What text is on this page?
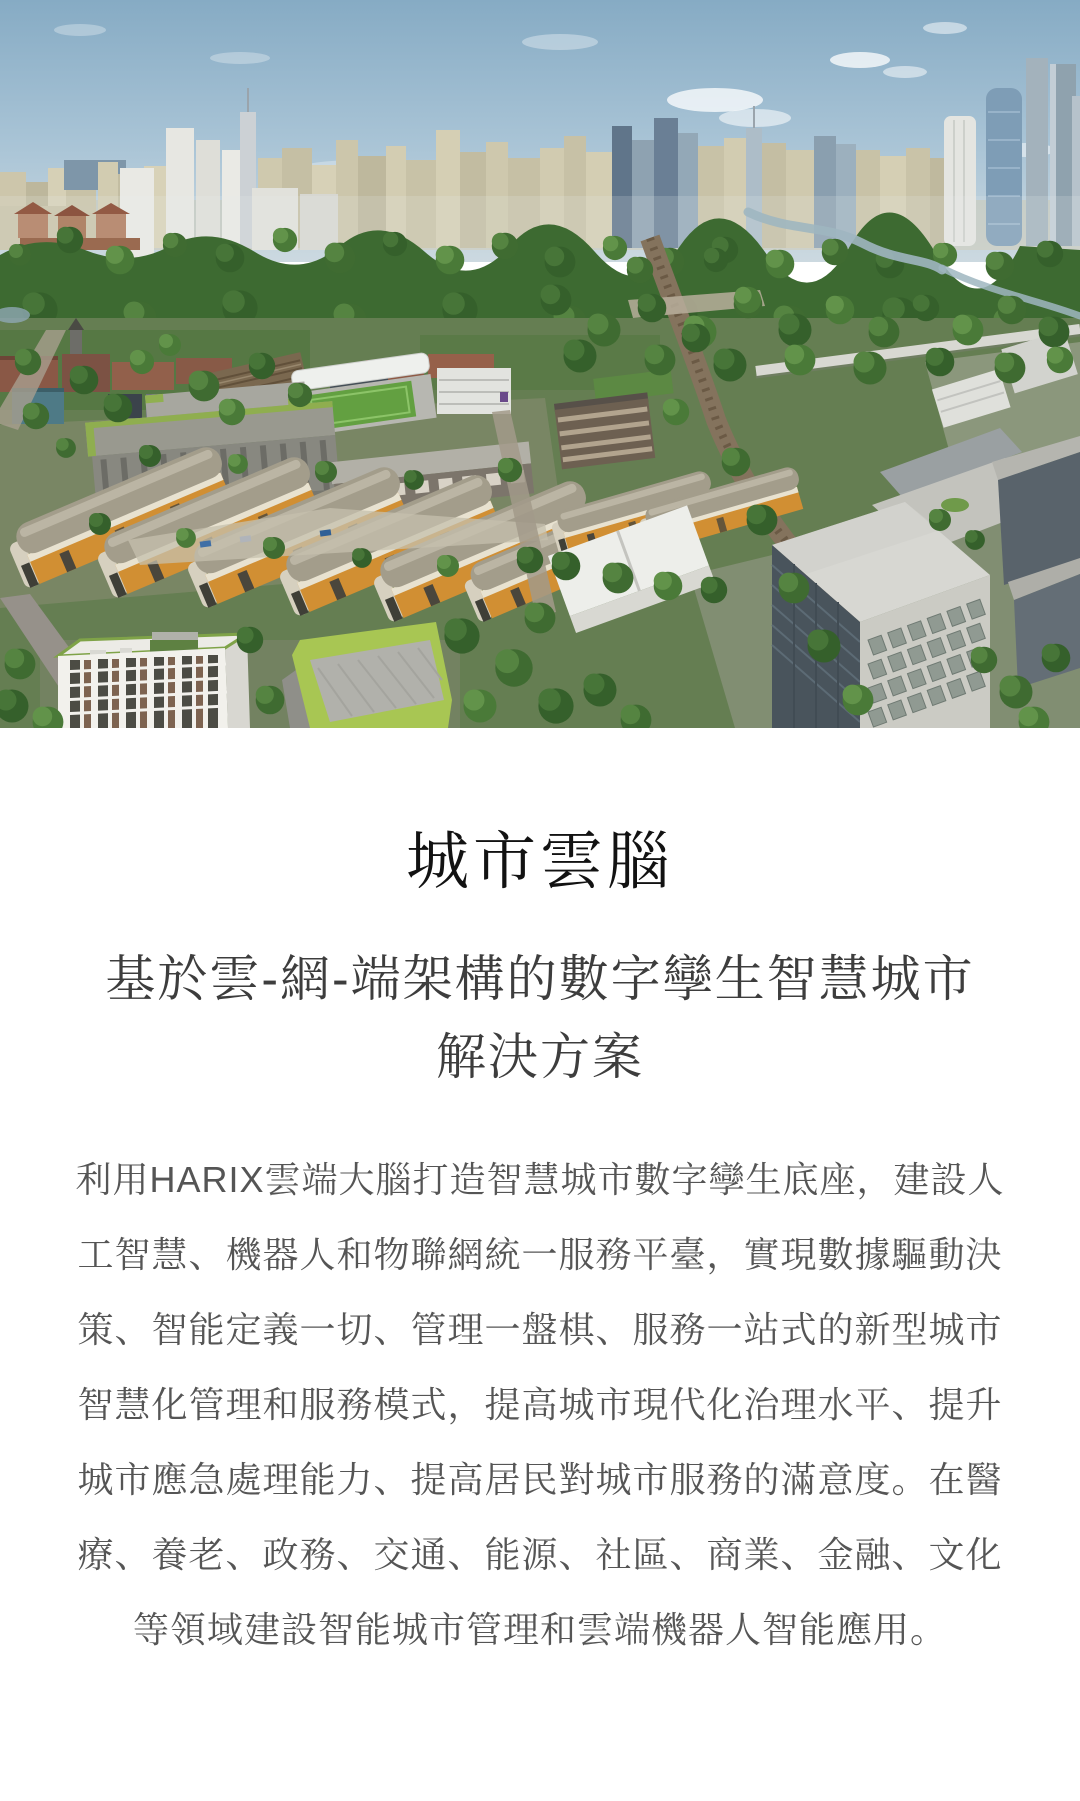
城市雲腦
基於雲-網-端架構的數字孿生智慧城市解決方案

利用HARIX雲端大腦打造智慧城市數字孿生底座，建設人工智慧、機器人和物聯網統一服務平臺，實現數據驅動決策、智能定義一切、管理一盤棋、服務一站式的新型城市智慧化管理和服務模式，提高城市現代化治理水平、提升城市應急處理能力、提高居民對城市服務的滿意度。在醫療、養老、政務、交通、能源、社區、商業、金融、文化等領域建設智能城市管理和雲端機器人智能應用。
